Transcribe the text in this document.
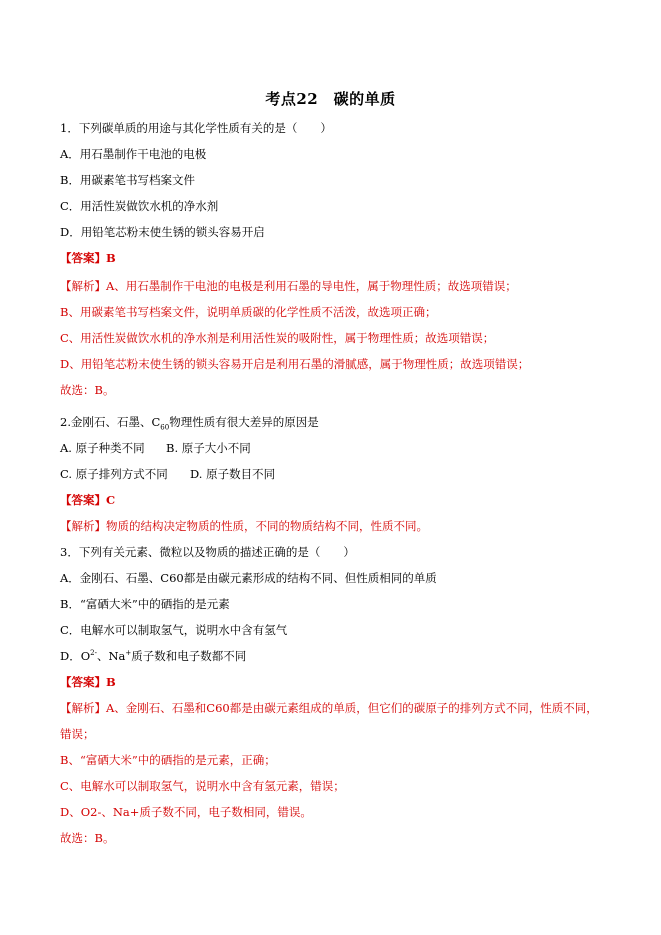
考点22　碳的单质
1．下列碳单质的用途与其化学性质有关的是（　　）
A．用石墨制作干电池的电极
B．用碳素笔书写档案文件
C．用活性炭做饮水机的净水剂
D．用铅笔芯粉末使生锈的锁头容易开启
【答案】B
【解析】A、用石墨制作干电池的电极是利用石墨的导电性，属于物理性质；故选项错误；
B、用碳素笔书写档案文件，说明单质碳的化学性质不活泼，故选项正确；
C、用活性炭做饮水机的净水剂是利用活性炭的吸附性，属于物理性质；故选项错误；
D、用铅笔芯粉末使生锈的锁头容易开启是利用石墨的滑腻感，属于物理性质；故选项错误；
故选：B。
2.金刚石、石墨、$C_{60}$物理性质有很大差异的原因是
A. 原子种类不同 B. 原子大小不同
C. 原子排列方式不同 D. 原子数目不同
【答案】C
【解析】物质的结构决定物质的性质，不同的物质结构不同，性质不同。
3．下列有关元素、微粒以及物质的描述正确的是（　　）
A．金刚石、石墨、C60都是由碳元素形成的结构不同、但性质相同的单质
B．“富硒大米”中的硒指的是元素
C．电解水可以制取氢气，说明水中含有氢气
D．$O^{2-}$、Na+质子数和电子数都不同
【答案】B
【解析】A、金刚石、石墨和C60都是由碳元素组成的单质，但它们的碳原子的排列方式不同，性质不同，
错误；
B、“富硒大米”中的硒指的是元素，正确；
C、电解水可以制取氢气，说明水中含有氢元素，错误；
D、O2-、Na+质子数不同，电子数相同，错误。
故选：B。
